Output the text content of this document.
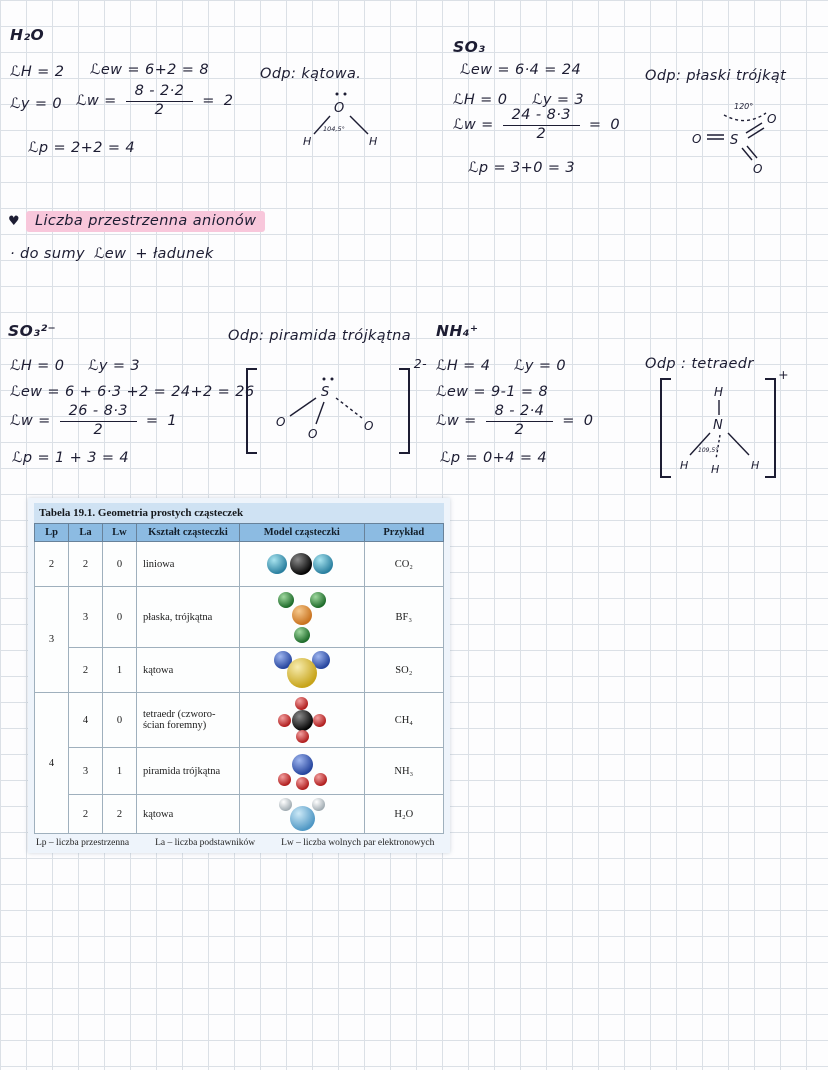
H₂O
ℒH = 2 ℒew = 6+2 = 8
ℒy = 0 ℒw = $\frac{8 - 2\cdot 2}{2} = 2$
ℒp = 2+2 = 4
Odp: kątowa.
O
104,5°
H	H
SO₃
ℒew = 6·4 = 24
ℒH = 0 ℒy = 3
ℒw = $\frac{24 - 8\cdot 3}{2} = 0$
ℒp = 3+0 = 3
Odp: płaski trójkąt
120°
O S
O
O
♥	Liczba przestrzenna anionów
· do sumy ℒew + ładunek
SO₃²⁻
ℒH = 0 ℒy = 3
ℒew = 6 + 6·3 +2 = 24+2 = 26
ℒw = $\frac{26 - 8\cdot 3}{2} = 1$
ℒp = 1 + 3 = 4
Odp: piramida trójkątna
2-
S
O
O
O
NH₄⁺
ℒH = 4 ℒy = 0
ℒew = 9-1 = 8
ℒw = $\frac{8 - 2\cdot 4}{2} = 0$
ℒp = 0+4 = 4
Odp : tetraedr
+
H
N
H
109,5°
H	H
Tabela 19.1. Geometria prostych cząsteczek
Lp	La	Lw	Kształt cząsteczki	Model cząsteczki	Przykład
2	2	0	liniowa		CO₂
3	3	0	płaska, trójkątna		BF₃
	2	1	kątowa		SO₂
4	4	0	tetraedr (czworo-ścian foremny)		CH₄
	3	1	piramida trójkątna		NH₃
	2	2	kątowa		H₂O
Lp – liczba przestrzenna	La – liczba podstawników	Lw – liczba wolnych par elektronowych
